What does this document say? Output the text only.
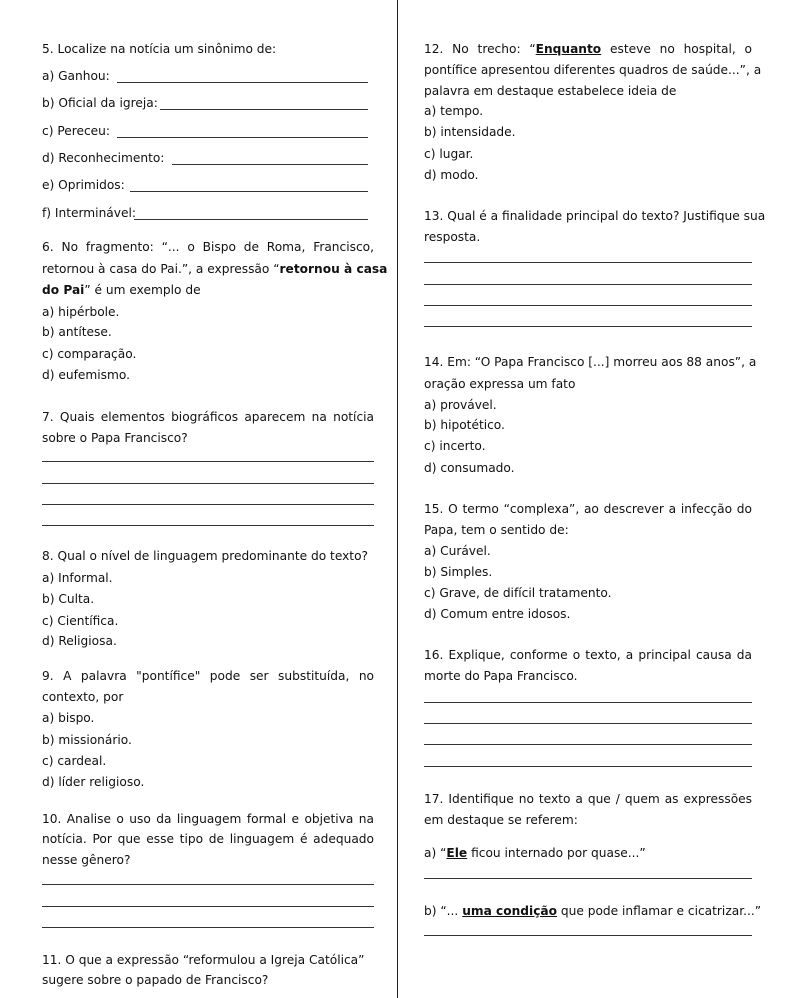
5. Localize na notícia um sinônimo de:
a) Ganhou:
b) Oficial da igreja:
c) Pereceu:
d) Reconhecimento:
e) Oprimidos:
f) Interminável:
6. No fragmento: “... o Bispo de Roma, Francisco,
retornou à casa do Pai.”, a expressão “retornou à casa
do Pai” é um exemplo de
a) hipérbole.
b) antítese.
c) comparação.
d) eufemismo.
7. Quais elementos biográficos aparecem na notícia
sobre o Papa Francisco?
8. Qual o nível de linguagem predominante do texto?
a) Informal.
b) Culta.
c) Científica.
d) Religiosa.
9. A palavra "pontífice" pode ser substituída, no
contexto, por
a) bispo.
b) missionário.
c) cardeal.
d) líder religioso.
10. Analise o uso da linguagem formal e objetiva na
notícia. Por que esse tipo de linguagem é adequado
nesse gênero?
11. O que a expressão “reformulou a Igreja Católica”
sugere sobre o papado de Francisco?
12. No trecho: “Enquanto esteve no hospital, o
pontífice apresentou diferentes quadros de saúde...”, a
palavra em destaque estabelece ideia de
a) tempo.
b) intensidade.
c) lugar.
d) modo.
13. Qual é a finalidade principal do texto? Justifique sua
resposta.
14. Em: “O Papa Francisco [...] morreu aos 88 anos”, a
oração expressa um fato
a) provável.
b) hipotético.
c) incerto.
d) consumado.
15. O termo “complexa”, ao descrever a infecção do
Papa, tem o sentido de:
a) Curável.
b) Simples.
c) Grave, de difícil tratamento.
d) Comum entre idosos.
16. Explique, conforme o texto, a principal causa da
morte do Papa Francisco.
17. Identifique no texto a que / quem as expressões
em destaque se referem:
a) “Ele ficou internado por quase...”
b) “... uma condição que pode inflamar e cicatrizar...”
